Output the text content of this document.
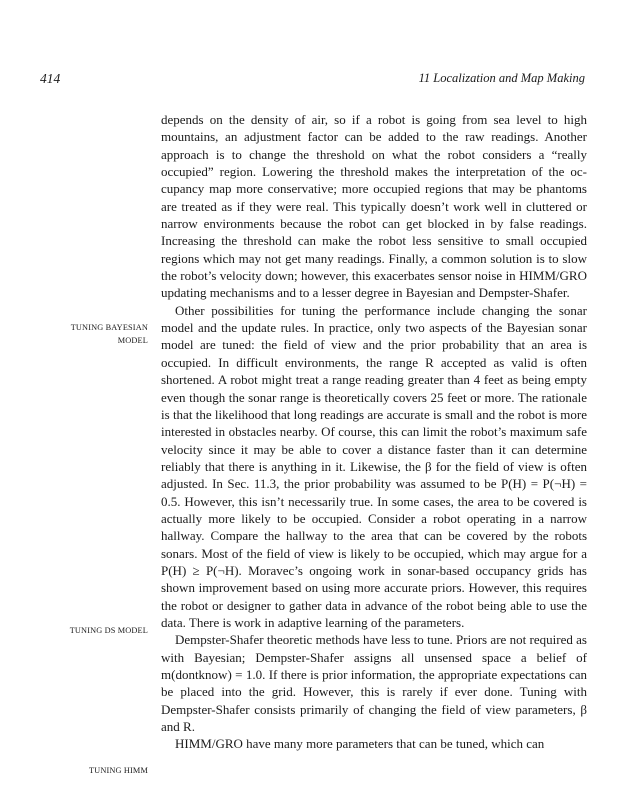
414	11 Localization and Map Making
TUNING BAYESIAN
MODEL
TUNING DS MODEL
TUNING HIMM

depends on the density of air, so if a robot is going from sea level to high mountains, an adjustment factor can be added to the raw readings. Another approach is to change the threshold on what the robot considers a “really occupied” region. Lowering the threshold makes the interpretation of the occupancy map more conservative; more occupied regions that may be phantoms are treated as if they were real. This typically doesn’t work well in cluttered or narrow environments because the robot can get blocked in by false readings. Increasing the threshold can make the robot less sensitive to small occupied regions which may not get many readings. Finally, a common solution is to slow the robot’s velocity down; however, this exacerbates sensor noise in HIMM/GRO updating mechanisms and to a lesser degree in Bayesian and Dempster-Shafer.

Other possibilities for tuning the performance include changing the sonar model and the update rules. In practice, only two aspects of the Bayesian sonar model are tuned: the field of view and the prior probability that an area is occupied. In difficult environments, the range R accepted as valid is often shortened. A robot might treat a range reading greater than 4 feet as being empty even though the sonar range is theoretically covers 25 feet or more. The rationale is that the likelihood that long readings are accurate is small and the robot is more interested in obstacles nearby. Of course, this can limit the robot’s maximum safe velocity since it may be able to cover a distance faster than it can determine reliably that there is anything in it. Likewise, the β for the field of view is often adjusted. In Sec. 11.3, the prior probability was assumed to be P(H) = P(¬H) = 0.5. However, this isn’t necessarily true. In some cases, the area to be covered is actually more likely to be occupied. Consider a robot operating in a narrow hallway. Compare the hallway to the area that can be covered by the robots sonars. Most of the field of view is likely to be occupied, which may argue for a P(H) ≥ P(¬H). Moravec’s ongoing work in sonar-based occupancy grids has shown improvement based on using more accurate priors. However, this requires the robot or designer to gather data in advance of the robot being able to use the data. There is work in adaptive learning of the parameters.

Dempster-Shafer theoretic methods have less to tune. Priors are not required as with Bayesian; Dempster-Shafer assigns all unsensed space a belief of m(dontknow) = 1.0. If there is prior information, the appropriate expectations can be placed into the grid. However, this is rarely if ever done. Tuning with Dempster-Shafer consists primarily of changing the field of view parameters, β and R.

HIMM/GRO have many more parameters that can be tuned, which can
